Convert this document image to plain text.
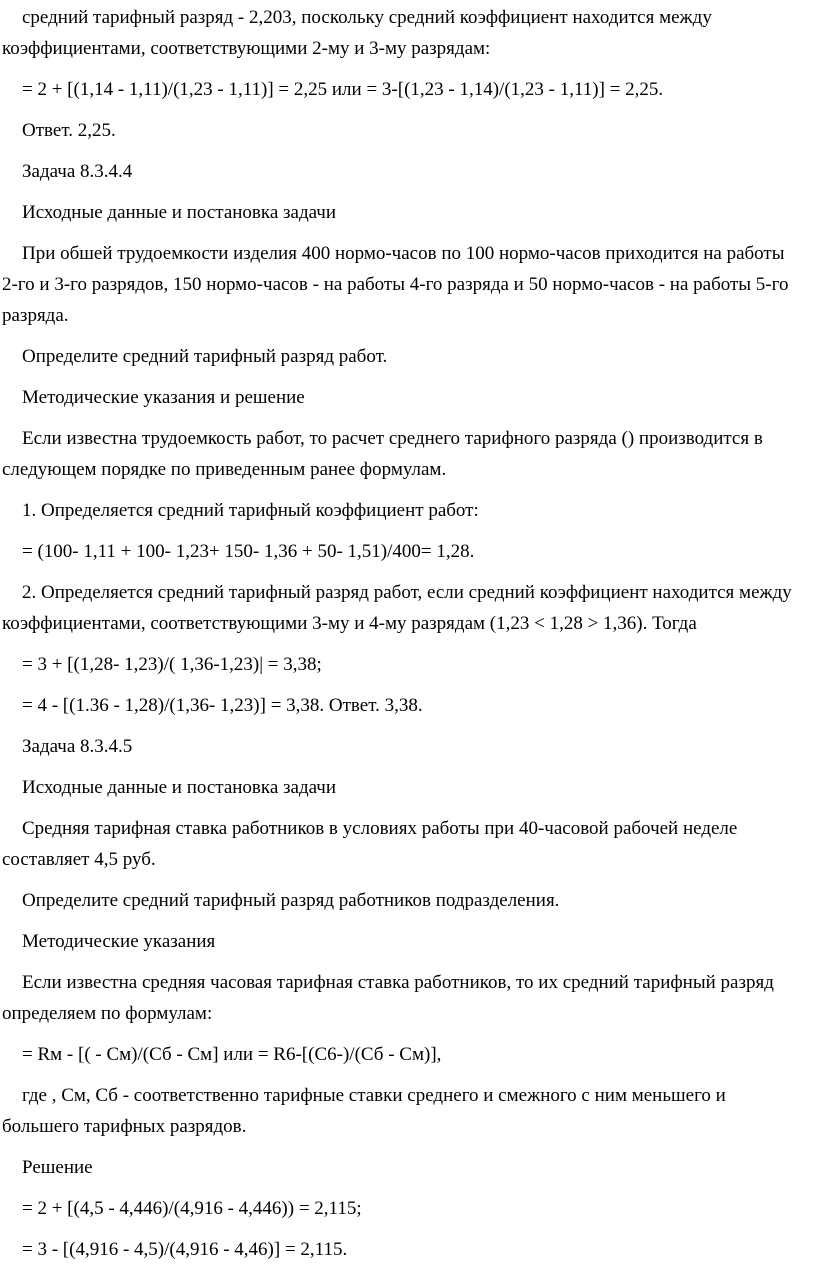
средний тарифный разряд - 2,203, поскольку средний коэффициент находится между коэффициентами, соответствующими 2-му и 3-му разрядам:

= 2 + [(1,14 - 1,11)/(1,23 - 1,11)] = 2,25 или = 3-[(1,23 - 1,14)/(1,23 - 1,11)] = 2,25.

Ответ. 2,25.

Задача 8.3.4.4

Исходные данные и постановка задачи

При обшей трудоемкости изделия 400 нормо-часов по 100 нормо-часов приходится на работы 2-го и 3-го разрядов, 150 нормо-часов - на работы 4-го разряда и 50 нормо-часов - на работы 5-го разряда.

Определите средний тарифный разряд работ.

Методические указания и решение

Если известна трудоемкость работ, то расчет среднего тарифного разряда () производится в следующем порядке по приведенным ранее формулам.

1. Определяется средний тарифный коэффициент работ:

= (100- 1,11 + 100- 1,23+ 150- 1,36 + 50- 1,51)/400= 1,28.

2. Определяется средний тарифный разряд работ, если средний коэффициент находится между коэффициентами, соответствующими 3-му и 4-му разрядам (1,23 < 1,28 > 1,36). Тогда

= 3 + [(1,28- 1,23)/( 1,36-1,23)| = 3,38;

= 4 - [(1.36 - 1,28)/(1,36- 1,23)] = 3,38. Ответ. 3,38.

Задача 8.3.4.5

Исходные данные и постановка задачи

Средняя тарифная ставка работников в условиях работы при 40-часовой рабочей неделе составляет 4,5 руб.

Определите средний тарифный разряд работников подразделения.

Методические указания

Если известна средняя часовая тарифная ставка работников, то их средний тарифный разряд определяем по формулам:

= Rм - [( - См)/(Сб - См] или = R6-[(С6-)/(Сб - См)],

где , См, Сб - соответственно тарифные ставки среднего и смежного с ним меньшего и большего тарифных разрядов.

Решение

= 2 + [(4,5 - 4,446)/(4,916 - 4,446)) = 2,115;

= 3 - [(4,916 - 4,5)/(4,916 - 4,46)] = 2,115.
